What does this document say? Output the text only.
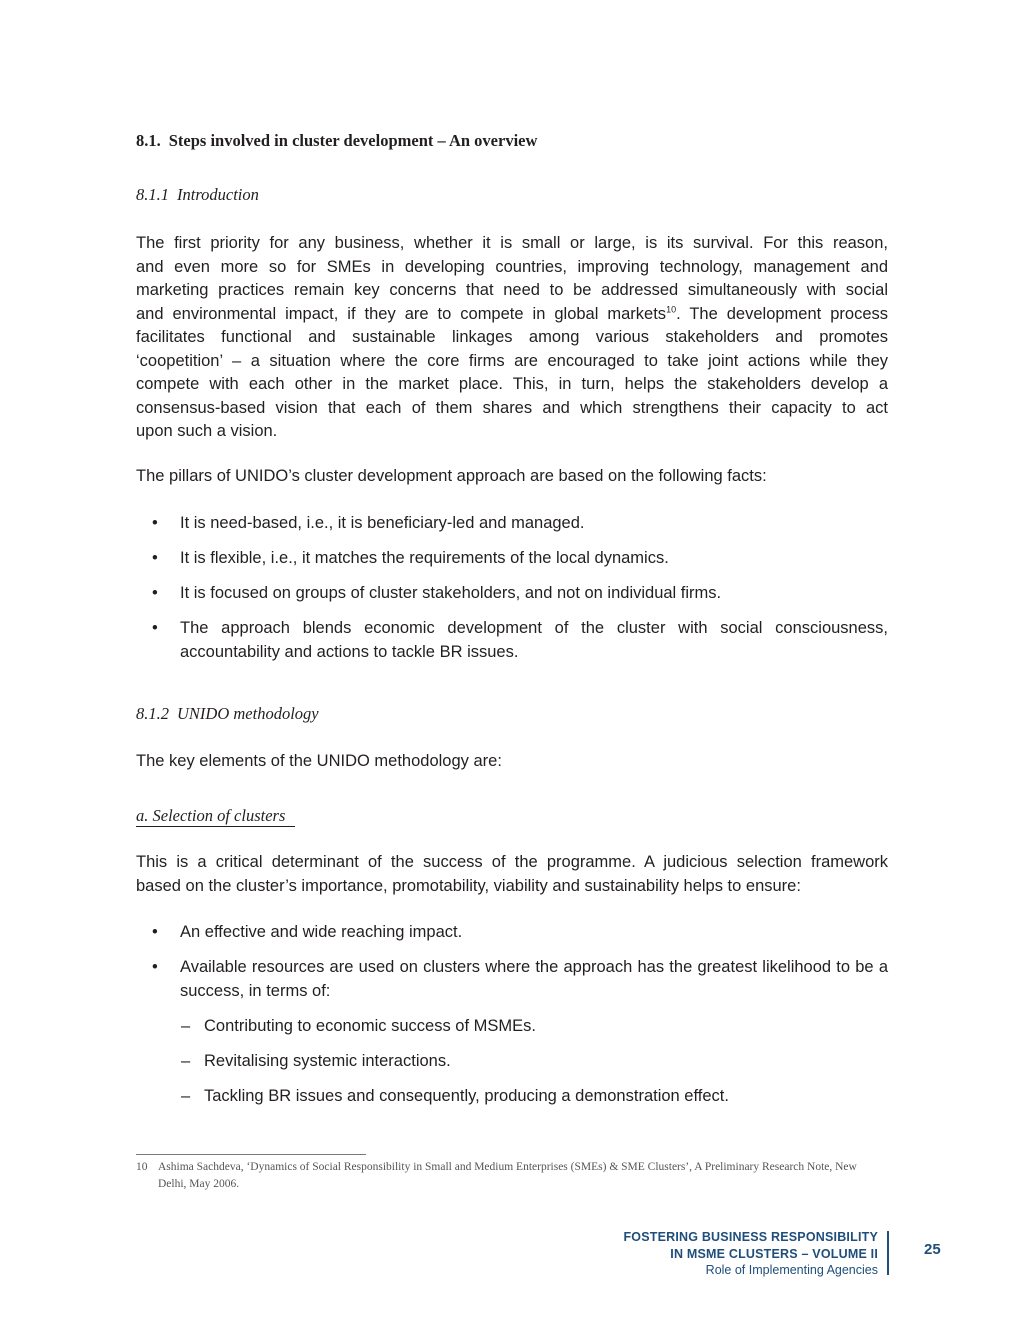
8.1. Steps involved in cluster development – An overview
8.1.1 Introduction
The first priority for any business, whether it is small or large, is its survival. For this reason,
and even more so for SMEs in developing countries, improving technology, management and
marketing practices remain key concerns that need to be addressed simultaneously with social
and environmental impact, if they are to compete in global markets$^{10}$. The development process
facilitates functional and sustainable linkages among various stakeholders and promotes
‘coopetition’ – a situation where the core firms are encouraged to take joint actions while they
compete with each other in the market place. This, in turn, helps the stakeholders develop a
consensus-based vision that each of them shares and which strengthens their capacity to act
upon such a vision.
The pillars of UNIDO’s cluster development approach are based on the following facts:
• It is need-based, i.e., it is beneficiary-led and managed.
• It is flexible, i.e., it matches the requirements of the local dynamics.
• It is focused on groups of cluster stakeholders, and not on individual firms.
• The approach blends economic development of the cluster with social consciousness, accountability and actions to tackle BR issues.
8.1.2 UNIDO methodology
The key elements of the UNIDO methodology are:
a. Selection of clusters
This is a critical determinant of the success of the programme. A judicious selection framework
based on the cluster’s importance, promotability, viability and sustainability helps to ensure:
• An effective and wide reaching impact.
• Available resources are used on clusters where the approach has the greatest likelihood to be a success, in terms of:
– Contributing to economic success of MSMEs.
– Revitalising systemic interactions.
– Tackling BR issues and consequently, producing a demonstration effect.
10 Ashima Sachdeva, ‘Dynamics of Social Responsibility in Small and Medium Enterprises (SMEs) & SME Clusters’, A Preliminary Research Note, New Delhi, May 2006.
FOSTERING BUSINESS RESPONSIBILITY
IN MSME CLUSTERS – VOLUME II
Role of Implementing Agencies
25
